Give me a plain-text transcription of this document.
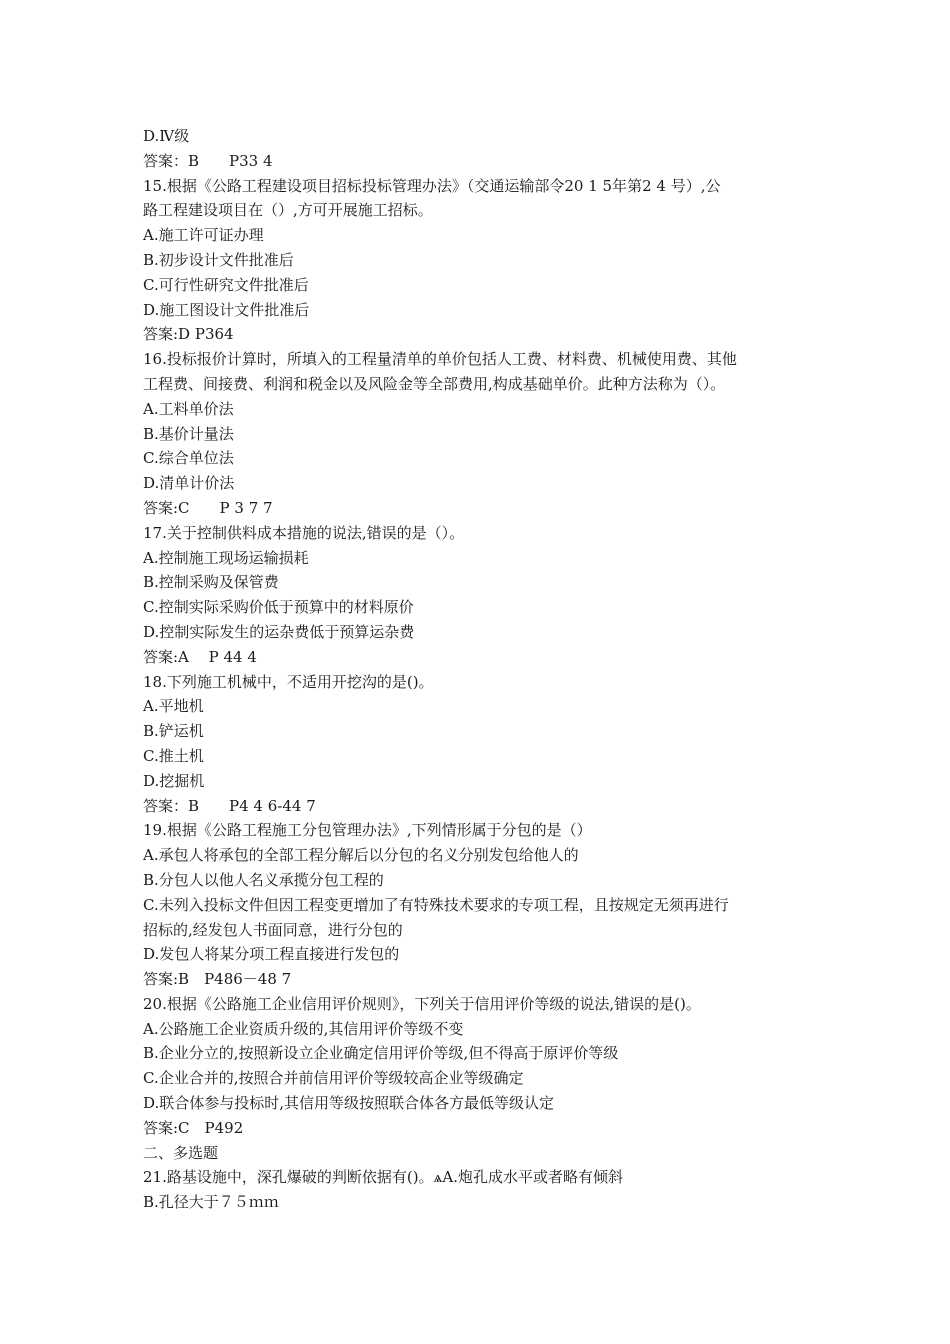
D.Ⅳ级
答案：B　　P33 4
15.根据《公路工程建设项目招标投标管理办法》（交通运输部令20 1 5年第2 4 号）,公
路工程建设项目在（）,方可开展施工招标。
A.施工许可证办理
B.初步设计文件批准后
C.可行性研究文件批准后
D.施工图设计文件批准后
答案:D P364
16.投标报价计算时，所填入的工程量清单的单价包括人工费、材料费、机械使用费、其他
工程费、间接费、利润和税金以及风险金等全部费用,构成基础单价。此种方法称为（）。
A.工料单价法
B.基价计量法
C.综合单位法
D.清单计价法
答案:C　　P 3 7 7
17.关于控制供料成本措施的说法,错误的是（）。
A.控制施工现场运输损耗
B.控制采购及保管费
C.控制实际采购价低于预算中的材料原价
D.控制实际发生的运杂费低于预算运杂费
答案:A　 P 44 4
18.下列施工机械中，不适用开挖沟的是()。
A.平地机
B.铲运机
C.推土机
D.挖掘机
答案：B　　P4 4 6-44 7
19.根据《公路工程施工分包管理办法》,下列情形属于分包的是（）
A.承包人将承包的全部工程分解后以分包的名义分别发包给他人的
B.分包人以他人名义承揽分包工程的
C.未列入投标文件但因工程变更增加了有特殊技术要求的专项工程，且按规定无须再进行
招标的,经发包人书面同意，进行分包的
D.发包人将某分项工程直接进行发包的
答案:B　P486－48 7
20.根据《公路施工企业信用评价规则》，下列关于信用评价等级的说法,错误的是()。
A.公路施工企业资质升级的,其信用评价等级不变
B.企业分立的,按照新设立企业确定信用评价等级,但不得高于原评价等级
C.企业合并的,按照合并前信用评价等级较高企业等级确定
D.联合体参与投标时,其信用等级按照联合体各方最低等级认定
答案:C　P492
二、多选题
21.路基设施中，深孔爆破的判断依据有()。ѧA.炮孔成水平或者略有倾斜
B.孔径大于７５ｍｍ
